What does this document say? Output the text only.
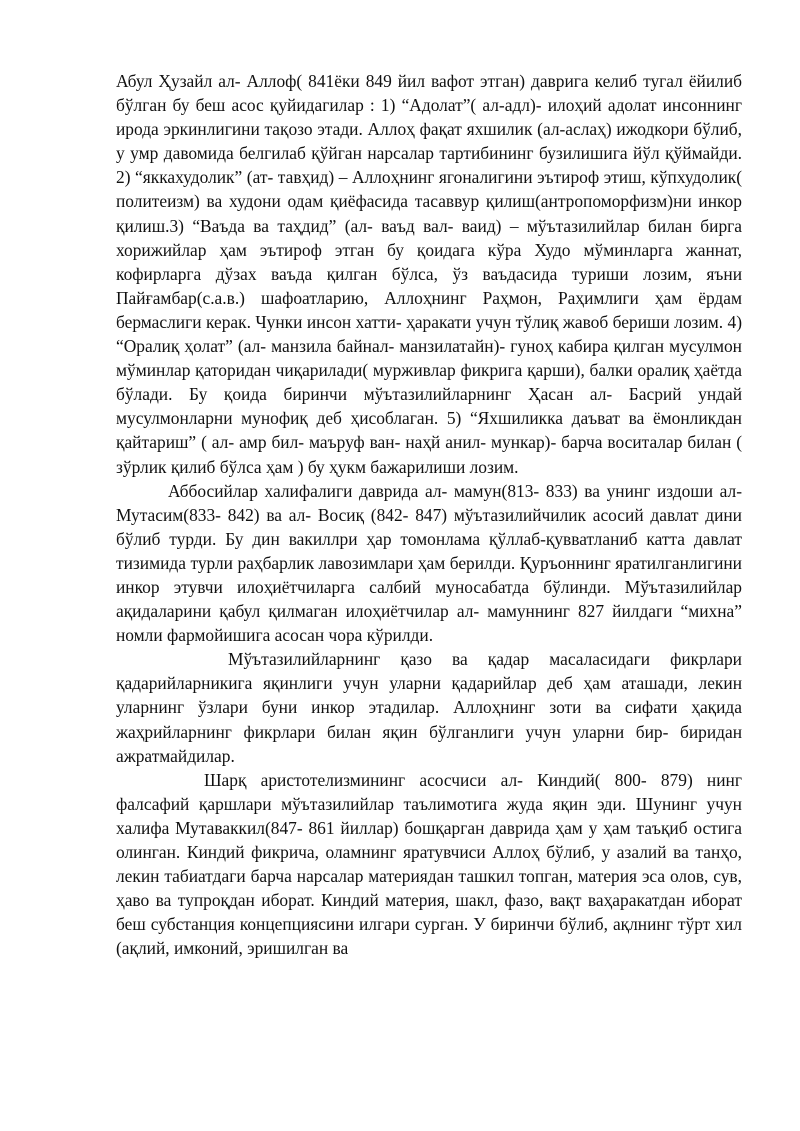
Абул Ҳузайл ал- Аллоф( 841ёки 849 йил вафот этган) даврига келиб тугал ёйилиб бўлган бу беш асос қуйидагилар : 1) “Адолат”( ал-адл)- илоҳий адолат инсоннинг ирода эркинлигини тақозо этади. Аллоҳ фақат яхшилик (ал-аслаҳ) ижодкори бўлиб, у умр давомида белгилаб қўйган нарсалар тартибининг бузилишига йўл қўймайди. 2) “яккахудолик” (ат- тавҳид) – Аллоҳнинг ягоналигини эътироф этиш, кўпхудолик( политеизм) ва худони одам қиёфасида тасаввур қилиш(антропоморфизм)ни инкор қилиш.3) “Ваъда ва таҳдид” (ал- ваъд вал- ваид) – мўътазилийлар билан бирга хорижийлар ҳам эътироф этган бу қоидага кўра Худо мўминларга жаннат, кофирларга дўзах ваъда қилган бўлса, ўз ваъдасида туриши лозим, яъни Пайғамбар(с.а.в.) шафоатларию, Аллоҳнинг Раҳмон, Раҳимлиги ҳам ёрдам бермаслиги керак. Чунки инсон хатти- ҳаракати учун тўлиқ жавоб бериши лозим. 4) “Оралиқ ҳолат” (ал- манзила байнал- манзилатайн)- гуноҳ кабира қилган мусулмон мўминлар қаторидан чиқарилади( мурживлар фикрига қарши), балки оралиқ ҳаётда бўлади. Бу қоида биринчи мўътазилийларнинг Ҳасан ал- Басрий ундай мусулмонларни мунофиқ деб ҳисоблаган. 5) “Яхшиликка даъват ва ёмонликдан қайтариш” ( ал- амр бил- маъруф ван- наҳй анил- мункар)- барча воситалар билан ( зўрлик қилиб бўлса ҳам ) бу ҳукм бажарилиши лозим.

Аббосийлар халифалиги даврида ал- мамун(813- 833) ва унинг издоши ал- Мутасим(833- 842) ва ал- Восиқ (842- 847) мўътазилийчилик асосий давлат дини бўлиб турди. Бу дин вакиллри ҳар томонлама қўллаб-қувватланиб катта давлат тизимида турли раҳбарлик лавозимлари ҳам берилди. Қуръоннинг яратилганлигини инкор этувчи илоҳиётчиларга салбий муносабатда бўлинди. Мўътазилийлар ақидаларини қабул қилмаган илоҳиётчилар ал- мамуннинг 827 йилдаги “михна” номли фармойишига асосан чора кўрилди.

Мўътазилийларнинг қазо ва қадар масаласидаги фикрлари қадарийларникига яқинлиги учун уларни қадарийлар деб ҳам аташади, лекин уларнинг ўзлари буни инкор этадилар. Аллоҳнинг зоти ва сифати ҳақида жаҳрийларнинг фикрлари билан яқин бўлганлиги учун уларни бир- биридан ажратмайдилар.

Шарқ аристотелизмининг асосчиси ал- Киндий( 800- 879) нинг фалсафий қаршлари мўътазилийлар таълимотига жуда яқин эди. Шунинг учун халифа Мутаваккил(847- 861 йиллар) бошқарган даврида ҳам у ҳам таъқиб остига олинган. Киндий фикрича, оламнинг яратувчиси Аллоҳ бўлиб, у азалий ва танҳо, лекин табиатдаги барча нарсалар материядан ташкил топган, материя эса олов, сув, ҳаво ва тупроқдан иборат. Киндий материя, шакл, фазо, вақт ваҳаракатдан иборат беш субстанция концепциясини илгари сурган. У биринчи бўлиб, ақлнинг тўрт хил (ақлий, имконий, эришилган ва
